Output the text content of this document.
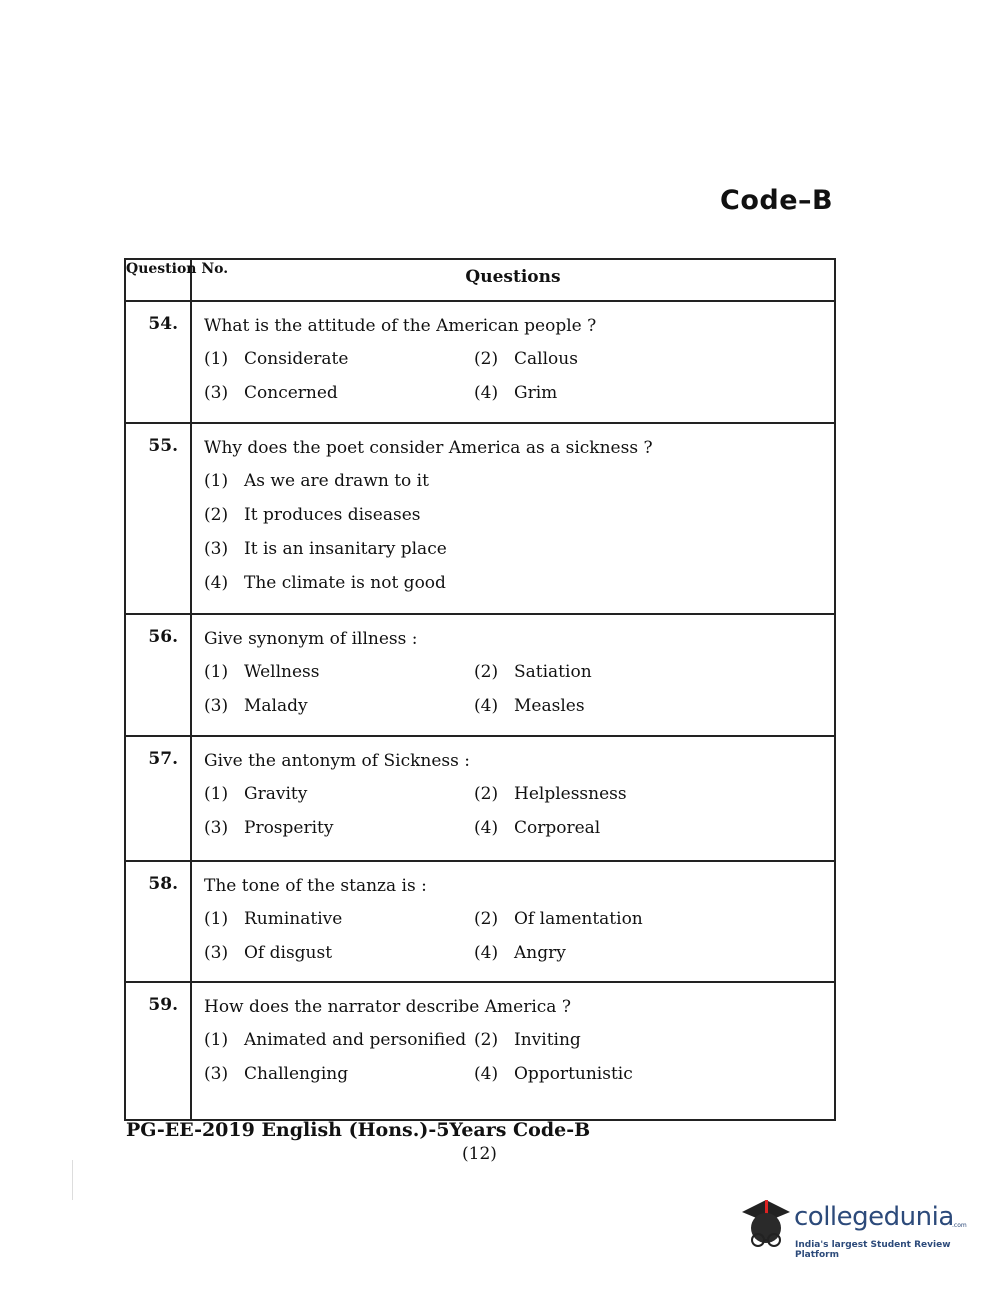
Code–B
Question No.	Questions
54.	What is the attitude of the American people ?
(1) Considerate	(2) Callous
(3) Concerned	(4) Grim
55.	Why does the poet consider America as a sickness ?
(1) As we are drawn to it
(2) It produces diseases
(3) It is an insanitary place
(4) The climate is not good
56.	Give synonym of illness :
(1) Wellness	(2) Satiation
(3) Malady	(4) Measles
57.	Give the antonym of Sickness :
(1) Gravity	(2) Helplessness
(3) Prosperity	(4) Corporeal
58.	The tone of the stanza is :
(1) Ruminative	(2) Of lamentation
(3) Of disgust	(4) Angry
59.	How does the narrator describe America ?
(1) Animated and personified (2) Inviting
(3) Challenging	(4) Opportunistic
PG-EE-2019 English (Hons.)-5Years Code-B
(12)
collegedunia
.com
India's largest Student Review Platform
